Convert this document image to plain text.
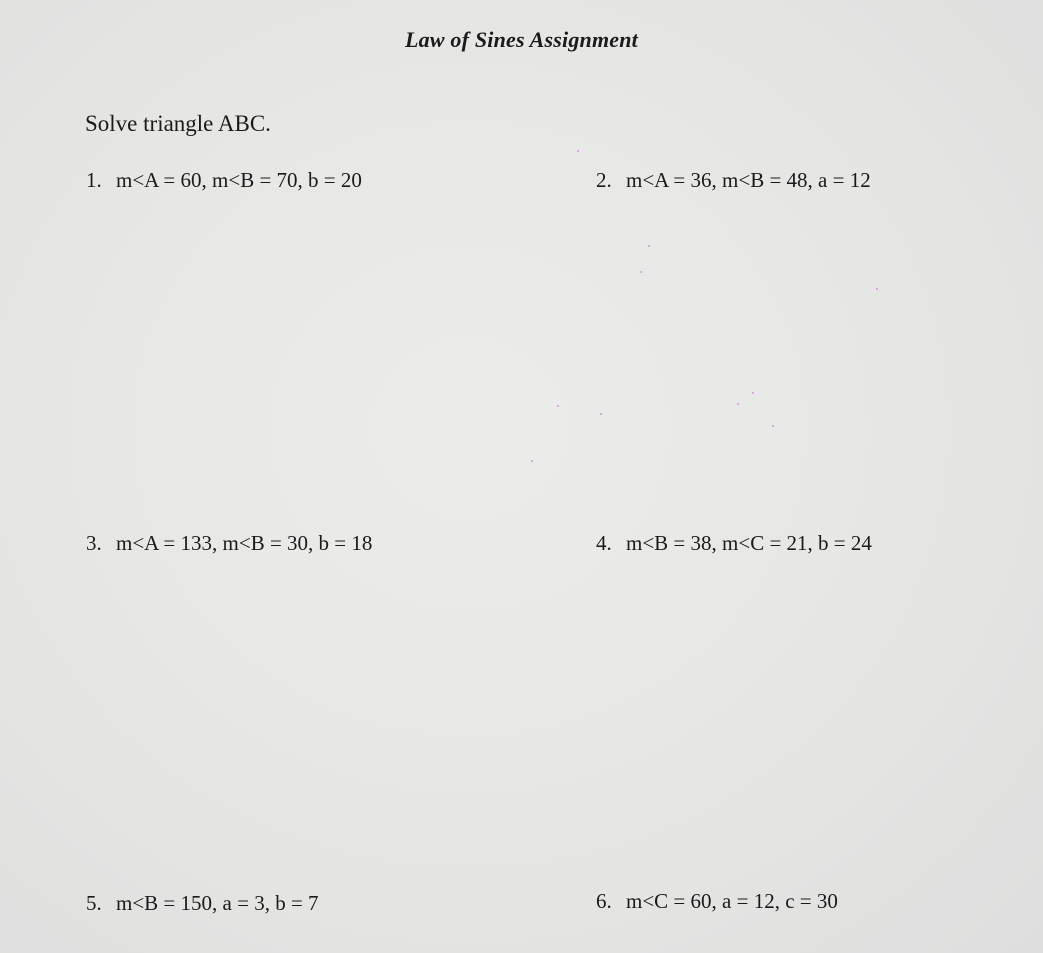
Law of Sines Assignment
Solve triangle ABC.
1. m<A = 60, m<B = 70, b = 20	2. m<A = 36, m<B = 48, a = 12
3. m<A = 133, m<B = 30, b = 18	4. m<B = 38, m<C = 21, b = 24
5. m<B = 150, a = 3, b = 7	6. m<C = 60, a = 12, c = 30
